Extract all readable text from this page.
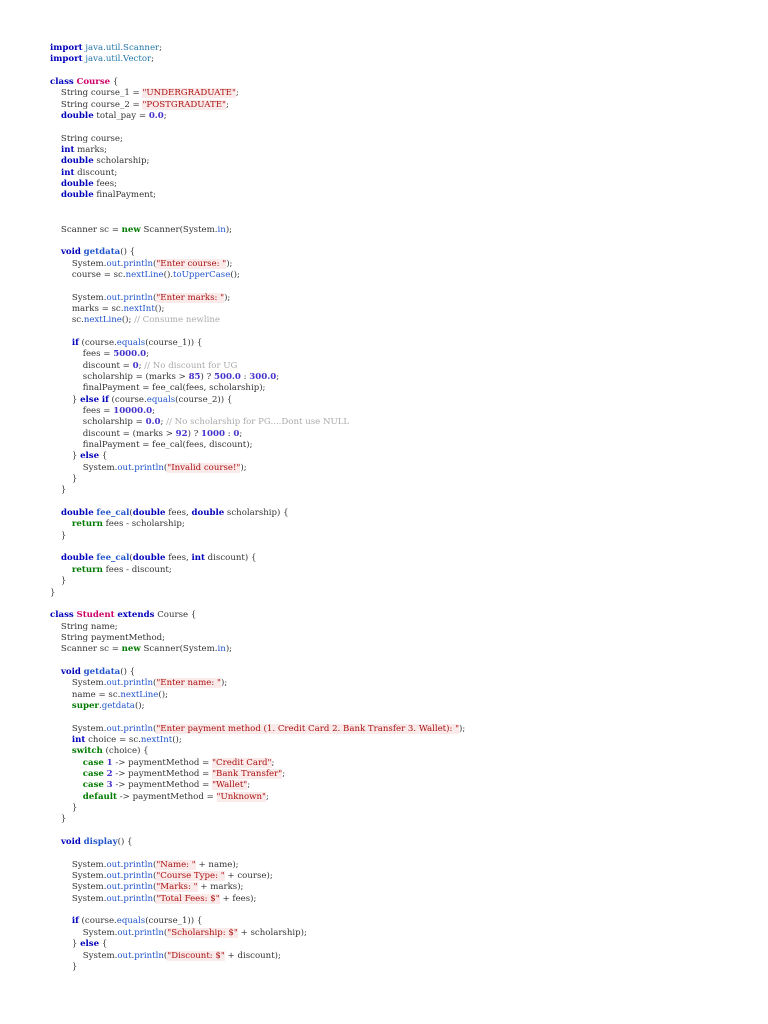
import java.util.Scanner;
import java.util.Vector;
class Course {
String course_1 = "UNDERGRADUATE";
String course_2 = "POSTGRADUATE";
double total_pay = 0.0;
String course;
int marks;
double scholarship;
int discount;
double fees;
double finalPayment;
Scanner sc = new Scanner(System.in);
void getdata() {
System.out.println("Enter course: ");
course = sc.nextLine().toUpperCase();
System.out.println("Enter marks: ");
marks = sc.nextInt();
sc.nextLine(); // Consume newline
if (course.equals(course_1)) {
fees = 5000.0;
discount = 0; // No discount for UG
scholarship = (marks > 85) ? 500.0 : 300.0;
finalPayment = fee_cal(fees, scholarship);
} else if (course.equals(course_2)) {
fees = 10000.0;
scholarship = 0.0; // No scholarship for PG....Dont use NULL
discount = (marks > 92) ? 1000 : 0;
finalPayment = fee_cal(fees, discount);
} else {
System.out.println("Invalid course!");
}
}
double fee_cal(double fees, double scholarship) {
return fees - scholarship;
}
double fee_cal(double fees, int discount) {
return fees - discount;
}
}
class Student extends Course {
String name;
String paymentMethod;
Scanner sc = new Scanner(System.in);
void getdata() {
System.out.println("Enter name: ");
name = sc.nextLine();
super.getdata();
System.out.println("Enter payment method (1. Credit Card 2. Bank Transfer 3. Wallet): ");
int choice = sc.nextInt();
switch (choice) {
case 1 -> paymentMethod = "Credit Card";
case 2 -> paymentMethod = "Bank Transfer";
case 3 -> paymentMethod = "Wallet";
default -> paymentMethod = "Unknown";
}
}
void display() {
System.out.println("Name: " + name);
System.out.println("Course Type: " + course);
System.out.println("Marks: " + marks);
System.out.println("Total Fees: $" + fees);
if (course.equals(course_1)) {
System.out.println("Scholarship: $" + scholarship);
} else {
System.out.println("Discount: $" + discount);
}
